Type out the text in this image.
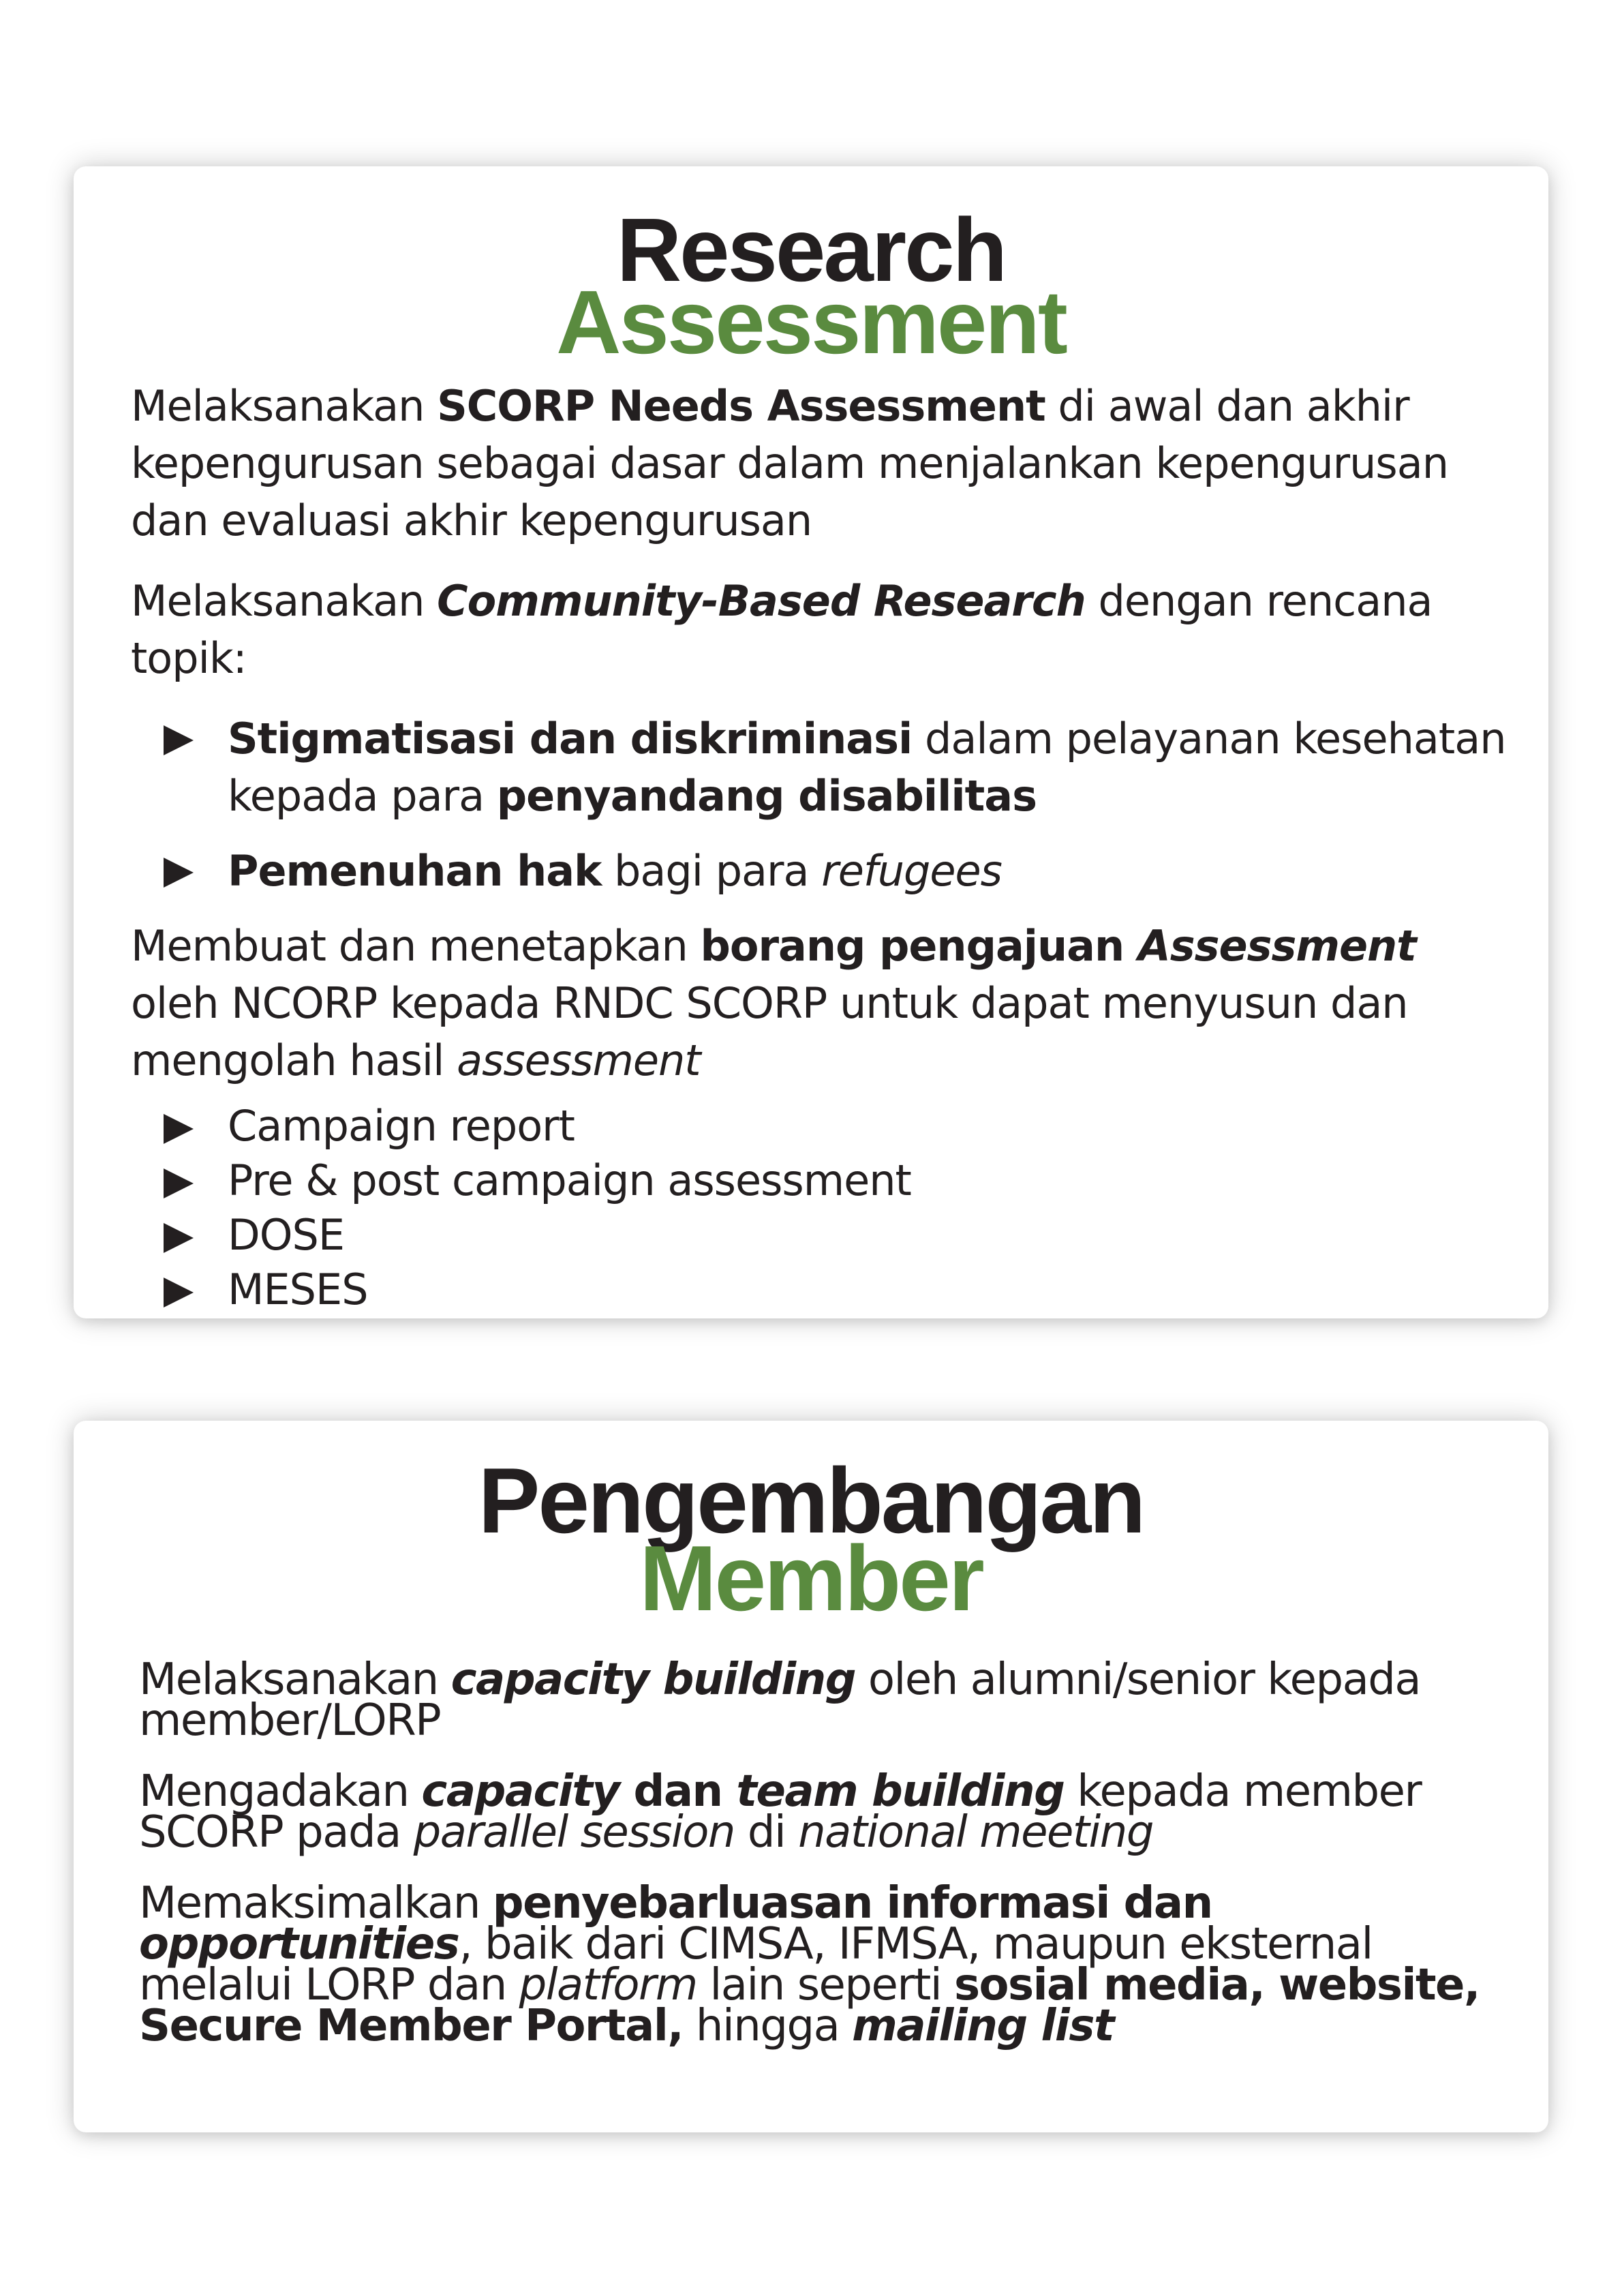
Research
Assessment

Melaksanakan SCORP Needs Assessment di awal dan akhir kepengurusan sebagai dasar dalam menjalankan kepengurusan dan evaluasi akhir kepengurusan

Melaksanakan Community-Based Research dengan rencana topik:

Stigmatisasi dan diskriminasi dalam pelayanan kesehatan kepada para penyandang disabilitas
Pemenuhan hak bagi para refugees

Membuat dan menetapkan borang pengajuan Assessment oleh NCORP kepada RNDC SCORP untuk dapat menyusun dan mengolah hasil assessment

Campaign report
Pre & post campaign assessment
DOSE
MESES
Pengembangan
Member

Melaksanakan capacity building oleh alumni/senior kepada member/LORP

Mengadakan capacity dan team building kepada member SCORP pada parallel session di national meeting

Memaksimalkan penyebarluasan informasi dan opportunities, baik dari CIMSA, IFMSA, maupun eksternal melalui LORP dan platform lain seperti sosial media, website, Secure Member Portal, hingga mailing list
